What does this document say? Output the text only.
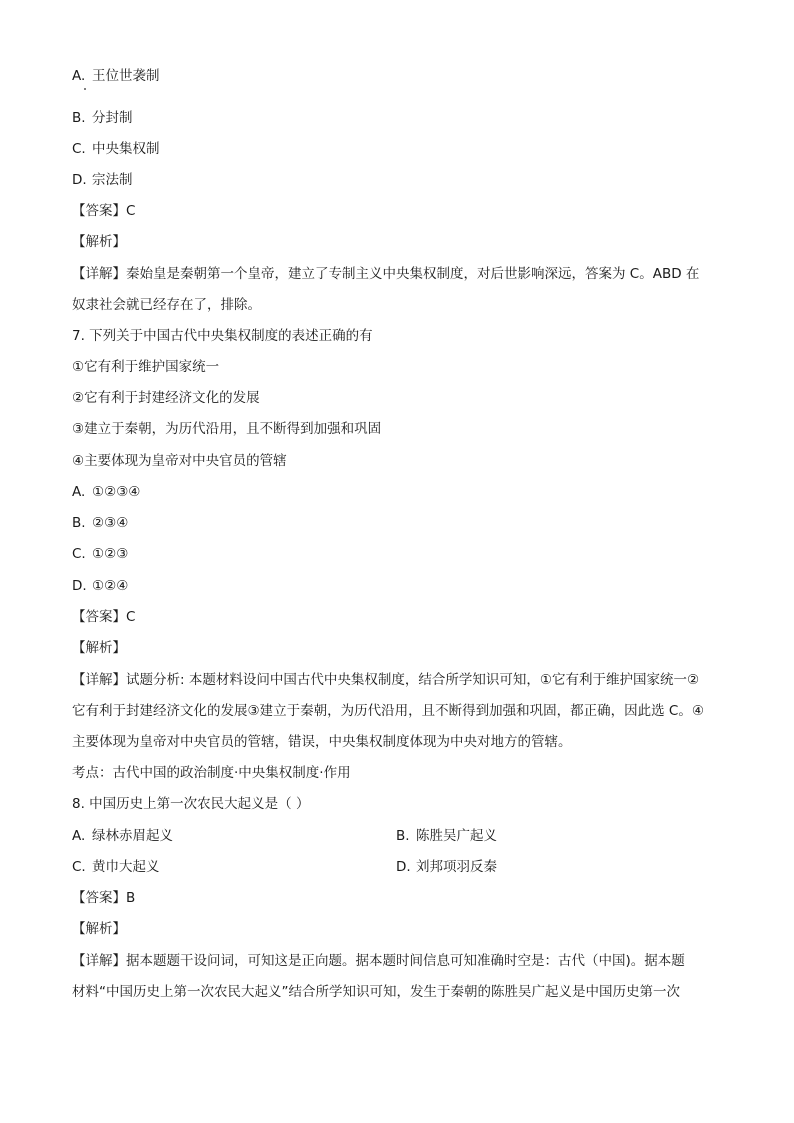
A. 王位世袭制
B. 分封制
C. 中央集权制
D. 宗法制
【答案】C
【解析】
【详解】秦始皇是秦朝第一个皇帝，建立了专制主义中央集权制度，对后世影响深远，答案为 C。ABD 在
奴隶社会就已经存在了，排除。
7. 下列关于中国古代中央集权制度的表述正确的有
①它有利于维护国家统一
②它有利于封建经济文化的发展
③建立于秦朝，为历代沿用，且不断得到加强和巩固
④主要体现为皇帝对中央官员的管辖
A. ①②③④
B. ②③④
C. ①②③
D. ①②④
【答案】C
【解析】
【详解】试题分析: 本题材料设问中国古代中央集权制度，结合所学知识可知，①它有利于维护国家统一②
它有利于封建经济文化的发展③建立于秦朝，为历代沿用，且不断得到加强和巩固，都正确，因此选 C。④
主要体现为皇帝对中央官员的管辖，错误，中央集权制度体现为中央对地方的管辖。
考点：古代中国的政治制度·中央集权制度·作用
8. 中国历史上第一次农民大起义是（ ）
A. 绿林赤眉起义	B. 陈胜吴广起义
C. 黄巾大起义	D. 刘邦项羽反秦
【答案】B
【解析】
【详解】据本题题干设问词，可知这是正向题。据本题时间信息可知准确时空是：古代（中国)。据本题
材料“中国历史上第一次农民大起义”结合所学知识可知，发生于秦朝的陈胜吴广起义是中国历史第一次
